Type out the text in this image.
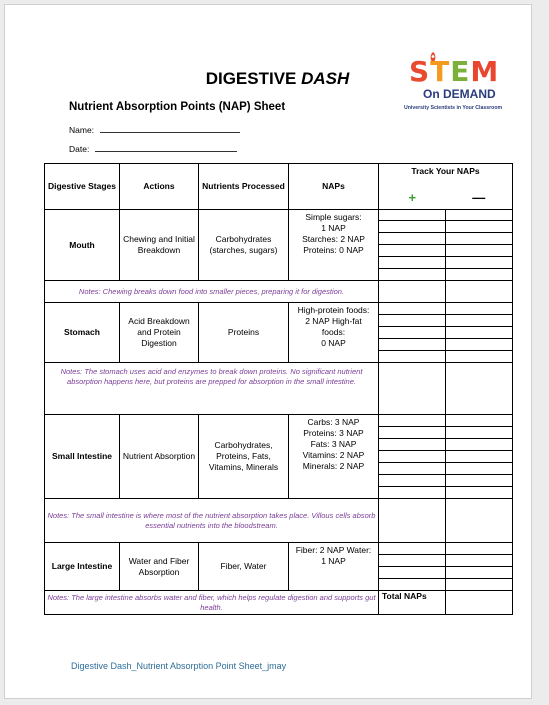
DIGESTIVE DASH	STEM
On DEMAND
University Scientists in Your Classroom
Nutrient Absorption Points (NAP) Sheet
Name:
Date:
Digestive Stages	Actions	Nutrients Processed	NAPs	Track Your NAPs	
				+	—
Mouth	Chewing and Initial Breakdown	Carbohydrates (starches, sugars)	Simple sugars:
1 NAP
Starches: 2 NAP
Proteins: 0 NAP		

Notes: Chewing breaks down food into smaller pieces, preparing it for digestion.					
Stomach	Acid Breakdown and Protein Digestion	Proteins	High-protein foods:
2 NAP High-fat
foods:
0 NAP		

Notes: The stomach uses acid and enzymes to break down proteins. No significant nutrient absorption happens here, but proteins are prepped for absorption in the small intestine.					
Small Intestine	Nutrient Absorption	Carbohydrates, Proteins, Fats, Vitamins, Minerals	Carbs: 3 NAP
Proteins: 3 NAP
Fats: 3 NAP
Vitamins: 2 NAP
Minerals: 2 NAP		

Notes: The small intestine is where most of the nutrient absorption takes place. Villous cells absorb essential nutrients into the bloodstream.					
Large Intestine	Water and Fiber Absorption	Fiber, Water	Fiber: 2 NAP Water:
1 NAP		

Notes: The large intestine absorbs water and fiber, which helps regulate digestion and supports gut health.				Total NAPs	
Digestive Dash_Nutrient Absorption Point Sheet_jmay
